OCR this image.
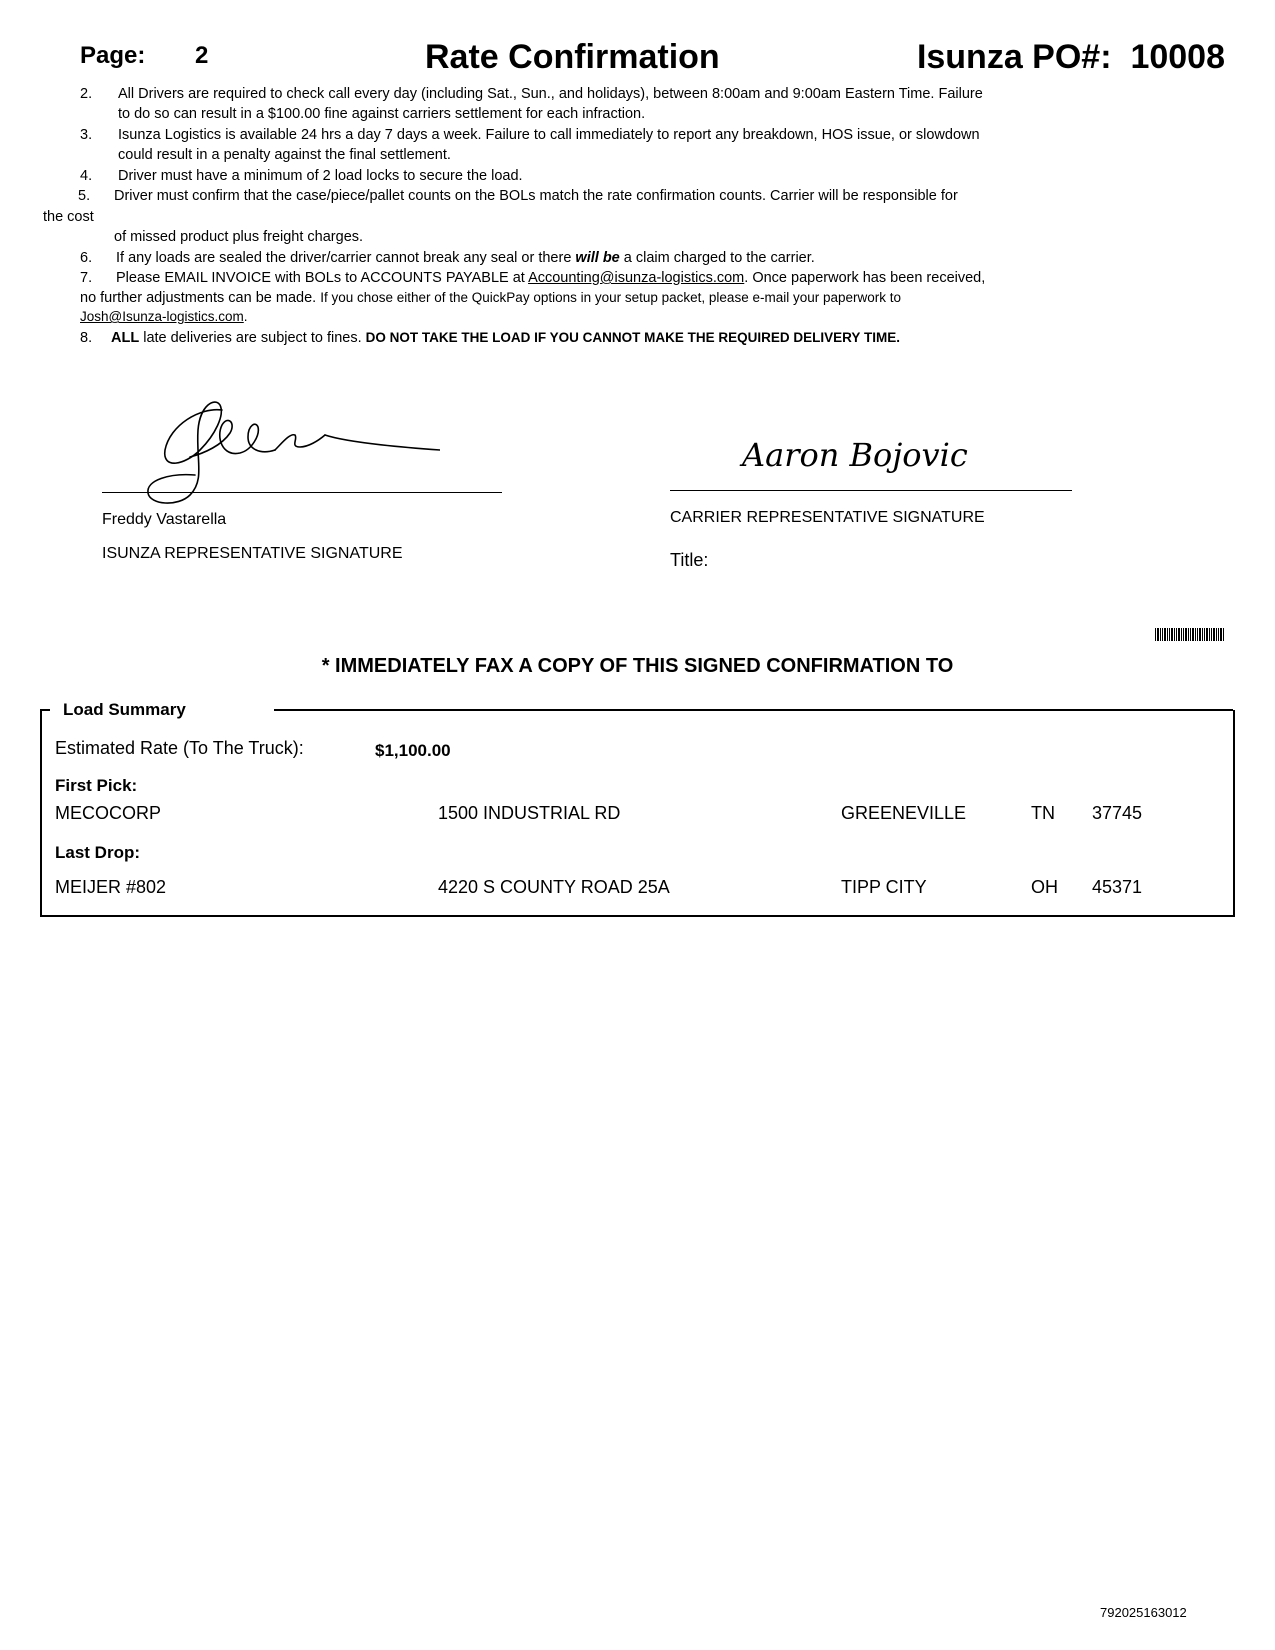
Page: 2	Rate Confirmation	Isunza PO#: 10008
2. All Drivers are required to check call every day (including Sat., Sun., and holidays), between 8:00am and 9:00am Eastern Time. Failure
to do so can result in a $100.00 fine against carriers settlement for each infraction.
3. Isunza Logistics is available 24 hrs a day 7 days a week. Failure to call immediately to report any breakdown, HOS issue, or slowdown
could result in a penalty against the final settlement.
4. Driver must have a minimum of 2 load locks to secure the load.
5. Driver must confirm that the case/piece/pallet counts on the BOLs match the rate confirmation counts. Carrier will be responsible for
the cost
of missed product plus freight charges.
6. If any loads are sealed the driver/carrier cannot break any seal or there will be a claim charged to the carrier.
7. Please EMAIL INVOICE with BOLs to ACCOUNTS PAYABLE at Accounting@isunza-logistics.com. Once paperwork has been received,
no further adjustments can be made. If you chose either of the QuickPay options in your setup packet, please e-mail your paperwork to
Josh@Isunza-logistics.com.
8. ALL late deliveries are subject to fines. DO NOT TAKE THE LOAD IF YOU CANNOT MAKE THE REQUIRED DELIVERY TIME.
Freddy Vastarella
ISUNZA REPRESENTATIVE SIGNATURE
Aaron Bojovic
CARRIER REPRESENTATIVE SIGNATURE
Title:
* IMMEDIATELY FAX A COPY OF THIS SIGNED CONFIRMATION TO
Load Summary
Estimated Rate (To The Truck):	$1,100.00
First Pick:
MECOCORP	1500 INDUSTRIAL RD	GREENEVILLE	TN 37745
Last Drop:
MEIJER #802	4220 S COUNTY ROAD 25A	TIPP CITY	OH 45371
792025163012
